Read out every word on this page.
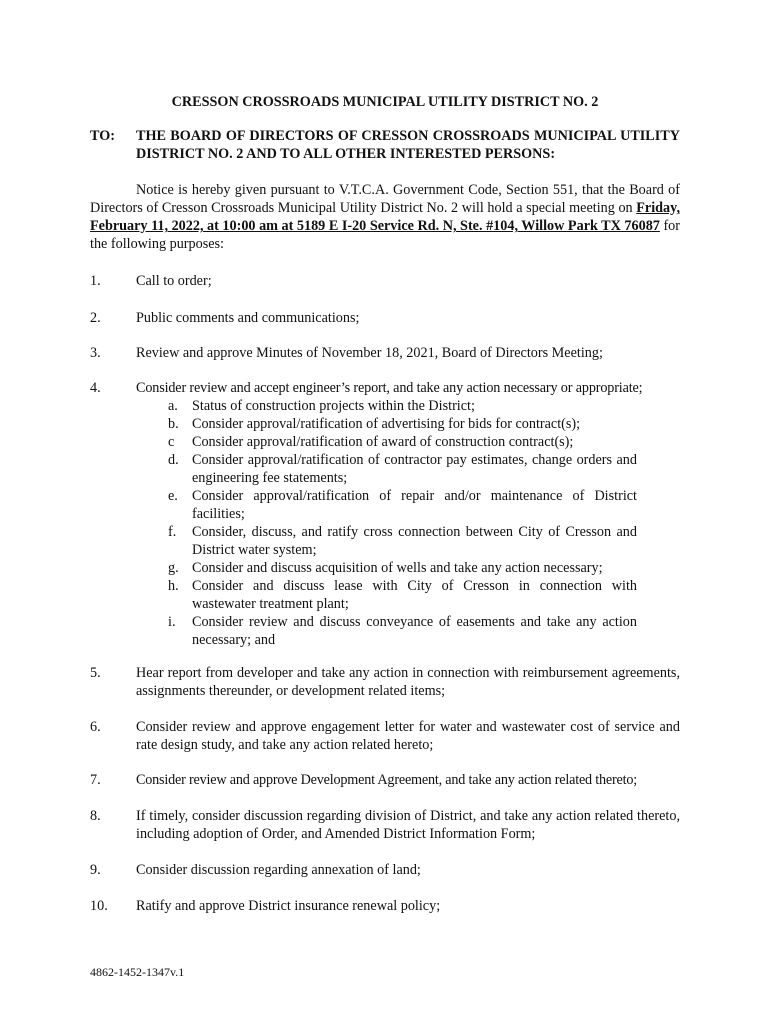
CRESSON CROSSROADS MUNICIPAL UTILITY DISTRICT NO. 2
TO: THE BOARD OF DIRECTORS OF CRESSON CROSSROADS MUNICIPAL UTILITY DISTRICT NO. 2 AND TO ALL OTHER INTERESTED PERSONS:
Notice is hereby given pursuant to V.T.C.A. Government Code, Section 551, that the Board of Directors of Cresson Crossroads Municipal Utility District No. 2 will hold a special meeting on Friday, February 11, 2022, at 10:00 am at 5189 E I-20 Service Rd. N, Ste. #104, Willow Park TX 76087 for the following purposes:
1. Call to order;
2. Public comments and communications;
3. Review and approve Minutes of November 18, 2021, Board of Directors Meeting;
4. Consider review and accept engineer’s report, and take any action necessary or appropriate;
a. Status of construction projects within the District;
b. Consider approval/ratification of advertising for bids for contract(s);
c	Consider approval/ratification of award of construction contract(s);
d. Consider approval/ratification of contractor pay estimates, change orders and engineering fee statements;
e. Consider approval/ratification of repair and/or maintenance of District facilities;
f.	Consider, discuss, and ratify cross connection between City of Cresson and District water system;
g. Consider and discuss acquisition of wells and take any action necessary;
h. Consider and discuss lease with City of Cresson in connection with wastewater treatment plant;
i.	Consider review and discuss conveyance of easements and take any action necessary; and
5. Hear report from developer and take any action in connection with reimbursement agreements, assignments thereunder, or development related items;
6. Consider review and approve engagement letter for water and wastewater cost of service and rate design study, and take any action related hereto;
7. Consider review and approve Development Agreement, and take any action related thereto;
8. If timely, consider discussion regarding division of District, and take any action related thereto, including adoption of Order, and Amended District Information Form;
9. Consider discussion regarding annexation of land;
10. Ratify and approve District insurance renewal policy;
4862-1452-1347v.1
